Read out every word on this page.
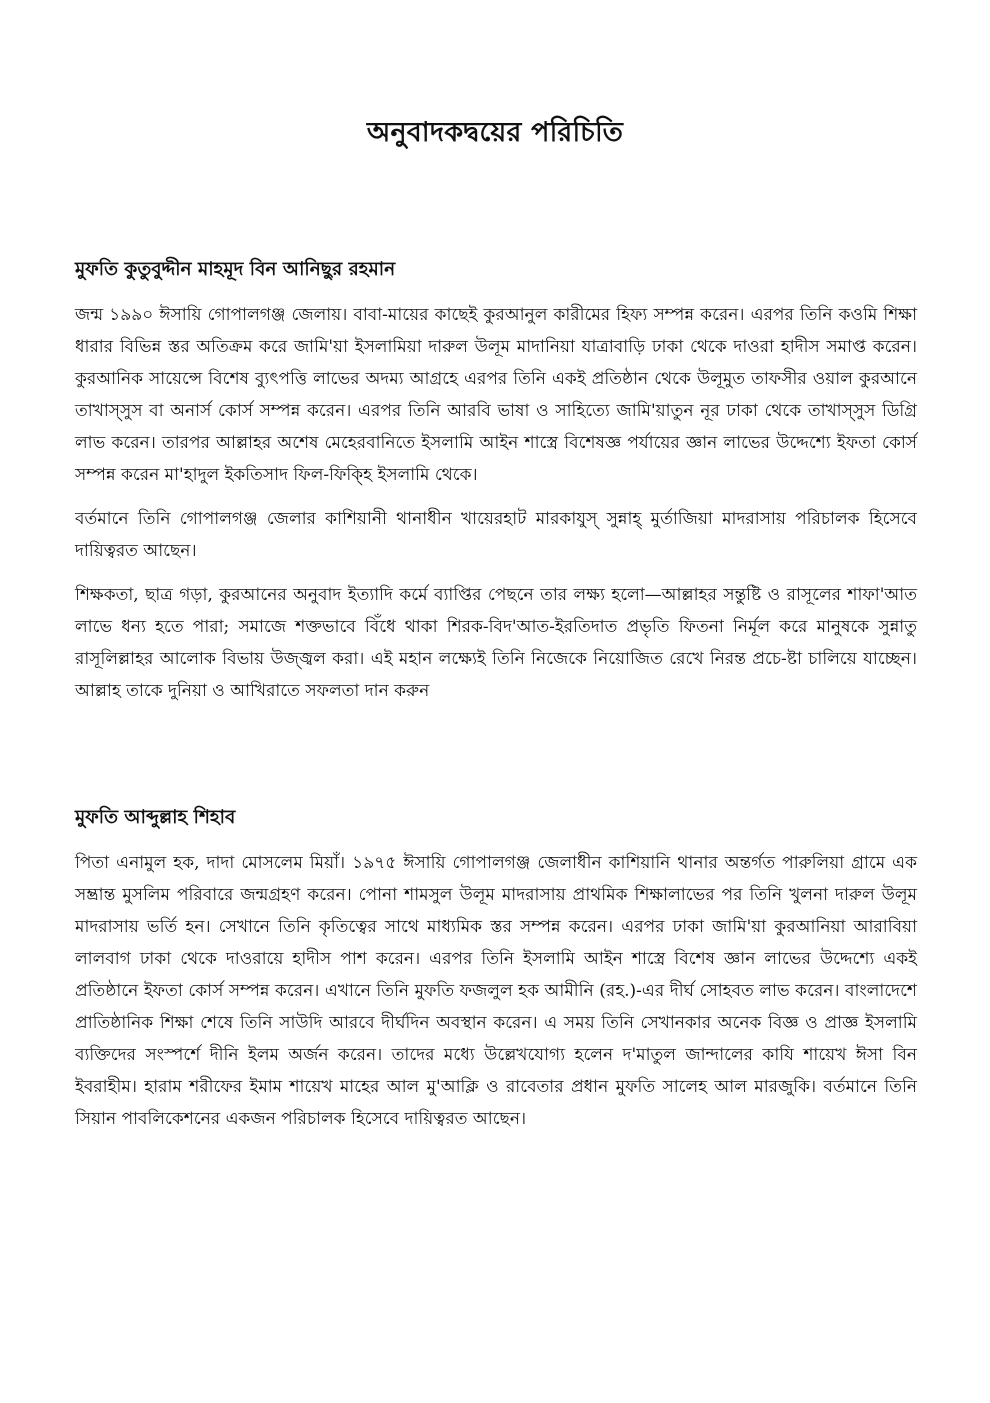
অনুবাদকদ্বয়ের পরিচিতি
মুফতি কুতুবুদ্দীন মাহমূদ বিন আনিছুর রহমান

জন্ম ১৯৯০ ঈসায়ি গোপালগঞ্জ জেলায়। বাবা-মায়ের কাছেই কুরআনুল কারীমের হিফ্য সম্পন্ন করেন। এরপর তিনি কওমি শিক্ষা ধারার বিভিন্ন স্তর অতিক্রম করে জামি'য়া ইসলামিয়া দারুল উলূম মাদানিয়া যাত্রাবাড়ি ঢাকা থেকে দাওরা হাদীস সমাপ্ত করেন। কুরআনিক সায়েন্সে বিশেষ ব্যুৎপত্তি লাভের অদম্য আগ্রহে এরপর তিনি একই প্রতিষ্ঠান থেকে উলূমুত তাফসীর ওয়াল কুরআনে তাখাস্সুস বা অনার্স কোর্স সম্পন্ন করেন। এরপর তিনি আরবি ভাষা ও সাহিত্যে জামি'য়াতুন নূর ঢাকা থেকে তাখাস্সুস ডিগ্রি লাভ করেন। তারপর আল্লাহর অশেষ মেহেরবানিতে ইসলামি আইন শাস্ত্রে বিশেষজ্ঞ পর্যায়ের জ্ঞান লাভের উদ্দেশ্যে ইফতা কোর্স সম্পন্ন করেন মা'হাদুল ইকতিসাদ ফিল-ফিক্হি ইসলামি থেকে।

বর্তমানে তিনি গোপালগঞ্জ জেলার কাশিয়ানী থানাধীন খায়েরহাট মারকাযুস্ সুন্নাহ্ মুর্তাজিয়া মাদরাসায় পরিচালক হিসেবে দায়িত্বরত আছেন।

শিক্ষকতা, ছাত্র গড়া, কুরআনের অনুবাদ ইত্যাদি কর্মে ব্যাপ্তির পেছনে তার লক্ষ্য হলো—আল্লাহর সন্তুষ্টি ও রাসূলের শাফা'আত লাভে ধন্য হতে পারা; সমাজে শক্তভাবে বিঁধে থাকা শিরক-বিদ'আত-ইরতিদাত প্রভৃতি ফিতনা নির্মূল করে মানুষকে সুন্নাতু রাসূলিল্লাহর আলোক বিভায় উজ্জ্বল করা। এই মহান লক্ষ্যেই তিনি নিজেকে নিয়োজিত রেখে নিরন্ত প্রচে-ষ্টা চালিয়ে যাচ্ছেন। আল্লাহ তাকে দুনিয়া ও আখিরাতে সফলতা দান করুন

মুফতি আব্দুল্লাহ শিহাব

পিতা এনামুল হক, দাদা মোসলেম মিয়াঁ। ১৯৭৫ ঈসায়ি গোপালগঞ্জ জেলাধীন কাশিয়ানি থানার অন্তর্গত পারুলিয়া গ্রামে এক সম্ভ্রান্ত মুসলিম পরিবারে জন্মগ্রহণ করেন। পোনা শামসুল উলূম মাদরাসায় প্রাথমিক শিক্ষালাভের পর তিনি খুলনা দারুল উলূম মাদরাসায় ভর্তি হন। সেখানে তিনি কৃতিত্বের সাথে মাধ্যমিক স্তর সম্পন্ন করেন। এরপর ঢাকা জামি'য়া কুরআনিয়া আরাবিয়া লালবাগ ঢাকা থেকে দাওরায়ে হাদীস পাশ করেন। এরপর তিনি ইসলামি আইন শাস্ত্রে বিশেষ জ্ঞান লাভের উদ্দেশ্যে একই প্রতিষ্ঠানে ইফতা কোর্স সম্পন্ন করেন। এখানে তিনি মুফতি ফজলুল হক আমীনি (রহ.)-এর দীর্ঘ সোহবত লাভ করেন। বাংলাদেশে প্রাতিষ্ঠানিক শিক্ষা শেষে তিনি সাউদি আরবে দীর্ঘদিন অবস্থান করেন। এ সময় তিনি সেখানকার অনেক বিজ্ঞ ও প্রাজ্ঞ ইসলামি ব্যক্তিদের সংস্পর্শে দীনি ইলম অর্জন করেন। তাদের মধ্যে উল্লেখযোগ্য হলেন দ'মাতুল জান্দালের কাযি শায়েখ ঈসা বিন ইবরাহীম। হারাম শরীফের ইমাম শায়েখ মাহের আল মু'আক্লি ও রাবেতার প্রধান মুফতি সালেহ আল মারজুকি। বর্তমানে তিনি সিয়ান পাবলিকেশনের একজন পরিচালক হিসেবে দায়িত্বরত আছেন।
